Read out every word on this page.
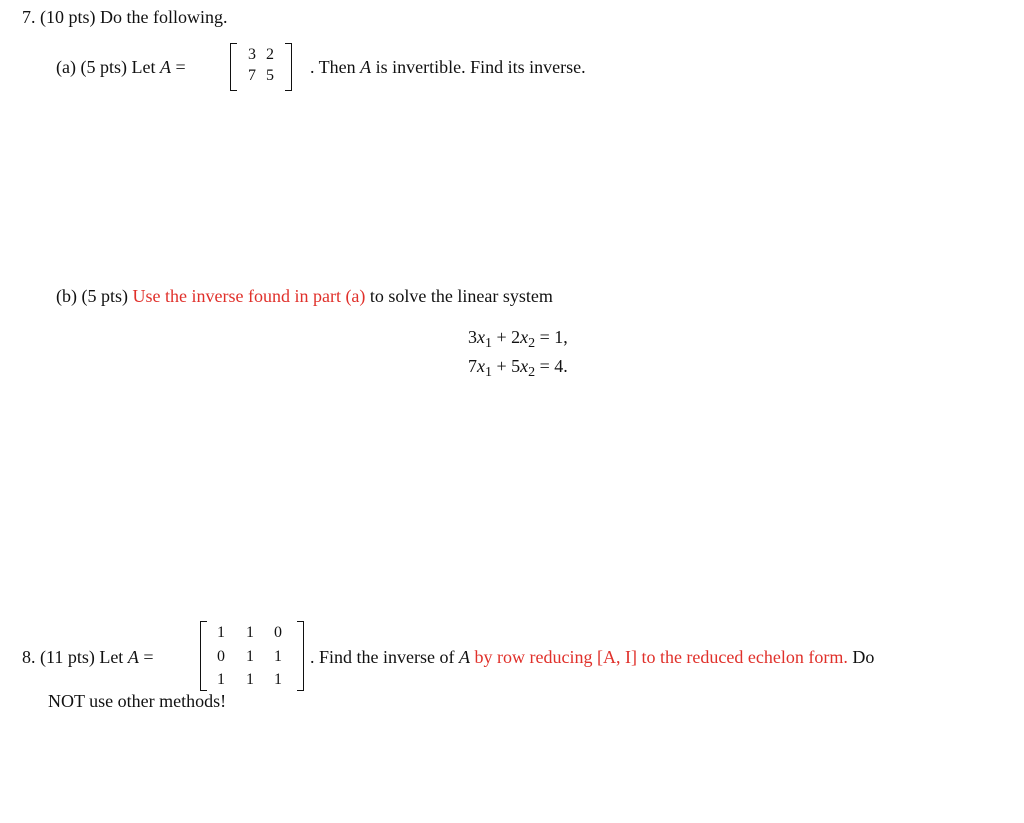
7. (10 pts) Do the following.
(a) (5 pts) Let A =
3 2
7 5 . Then A is invertible. Find its inverse.
(b) (5 pts) Use the inverse found in part (a) to solve the linear system
$3x_1 + 2x_2 = 1$,
$7x_1 + 5x_2 = 4$.
8. (11 pts) Let A =
1 1 0
0 1 1
1 1 1
. Find the inverse of A by row reducing [A, I] to the reduced echelon form. Do
NOT use other methods!
